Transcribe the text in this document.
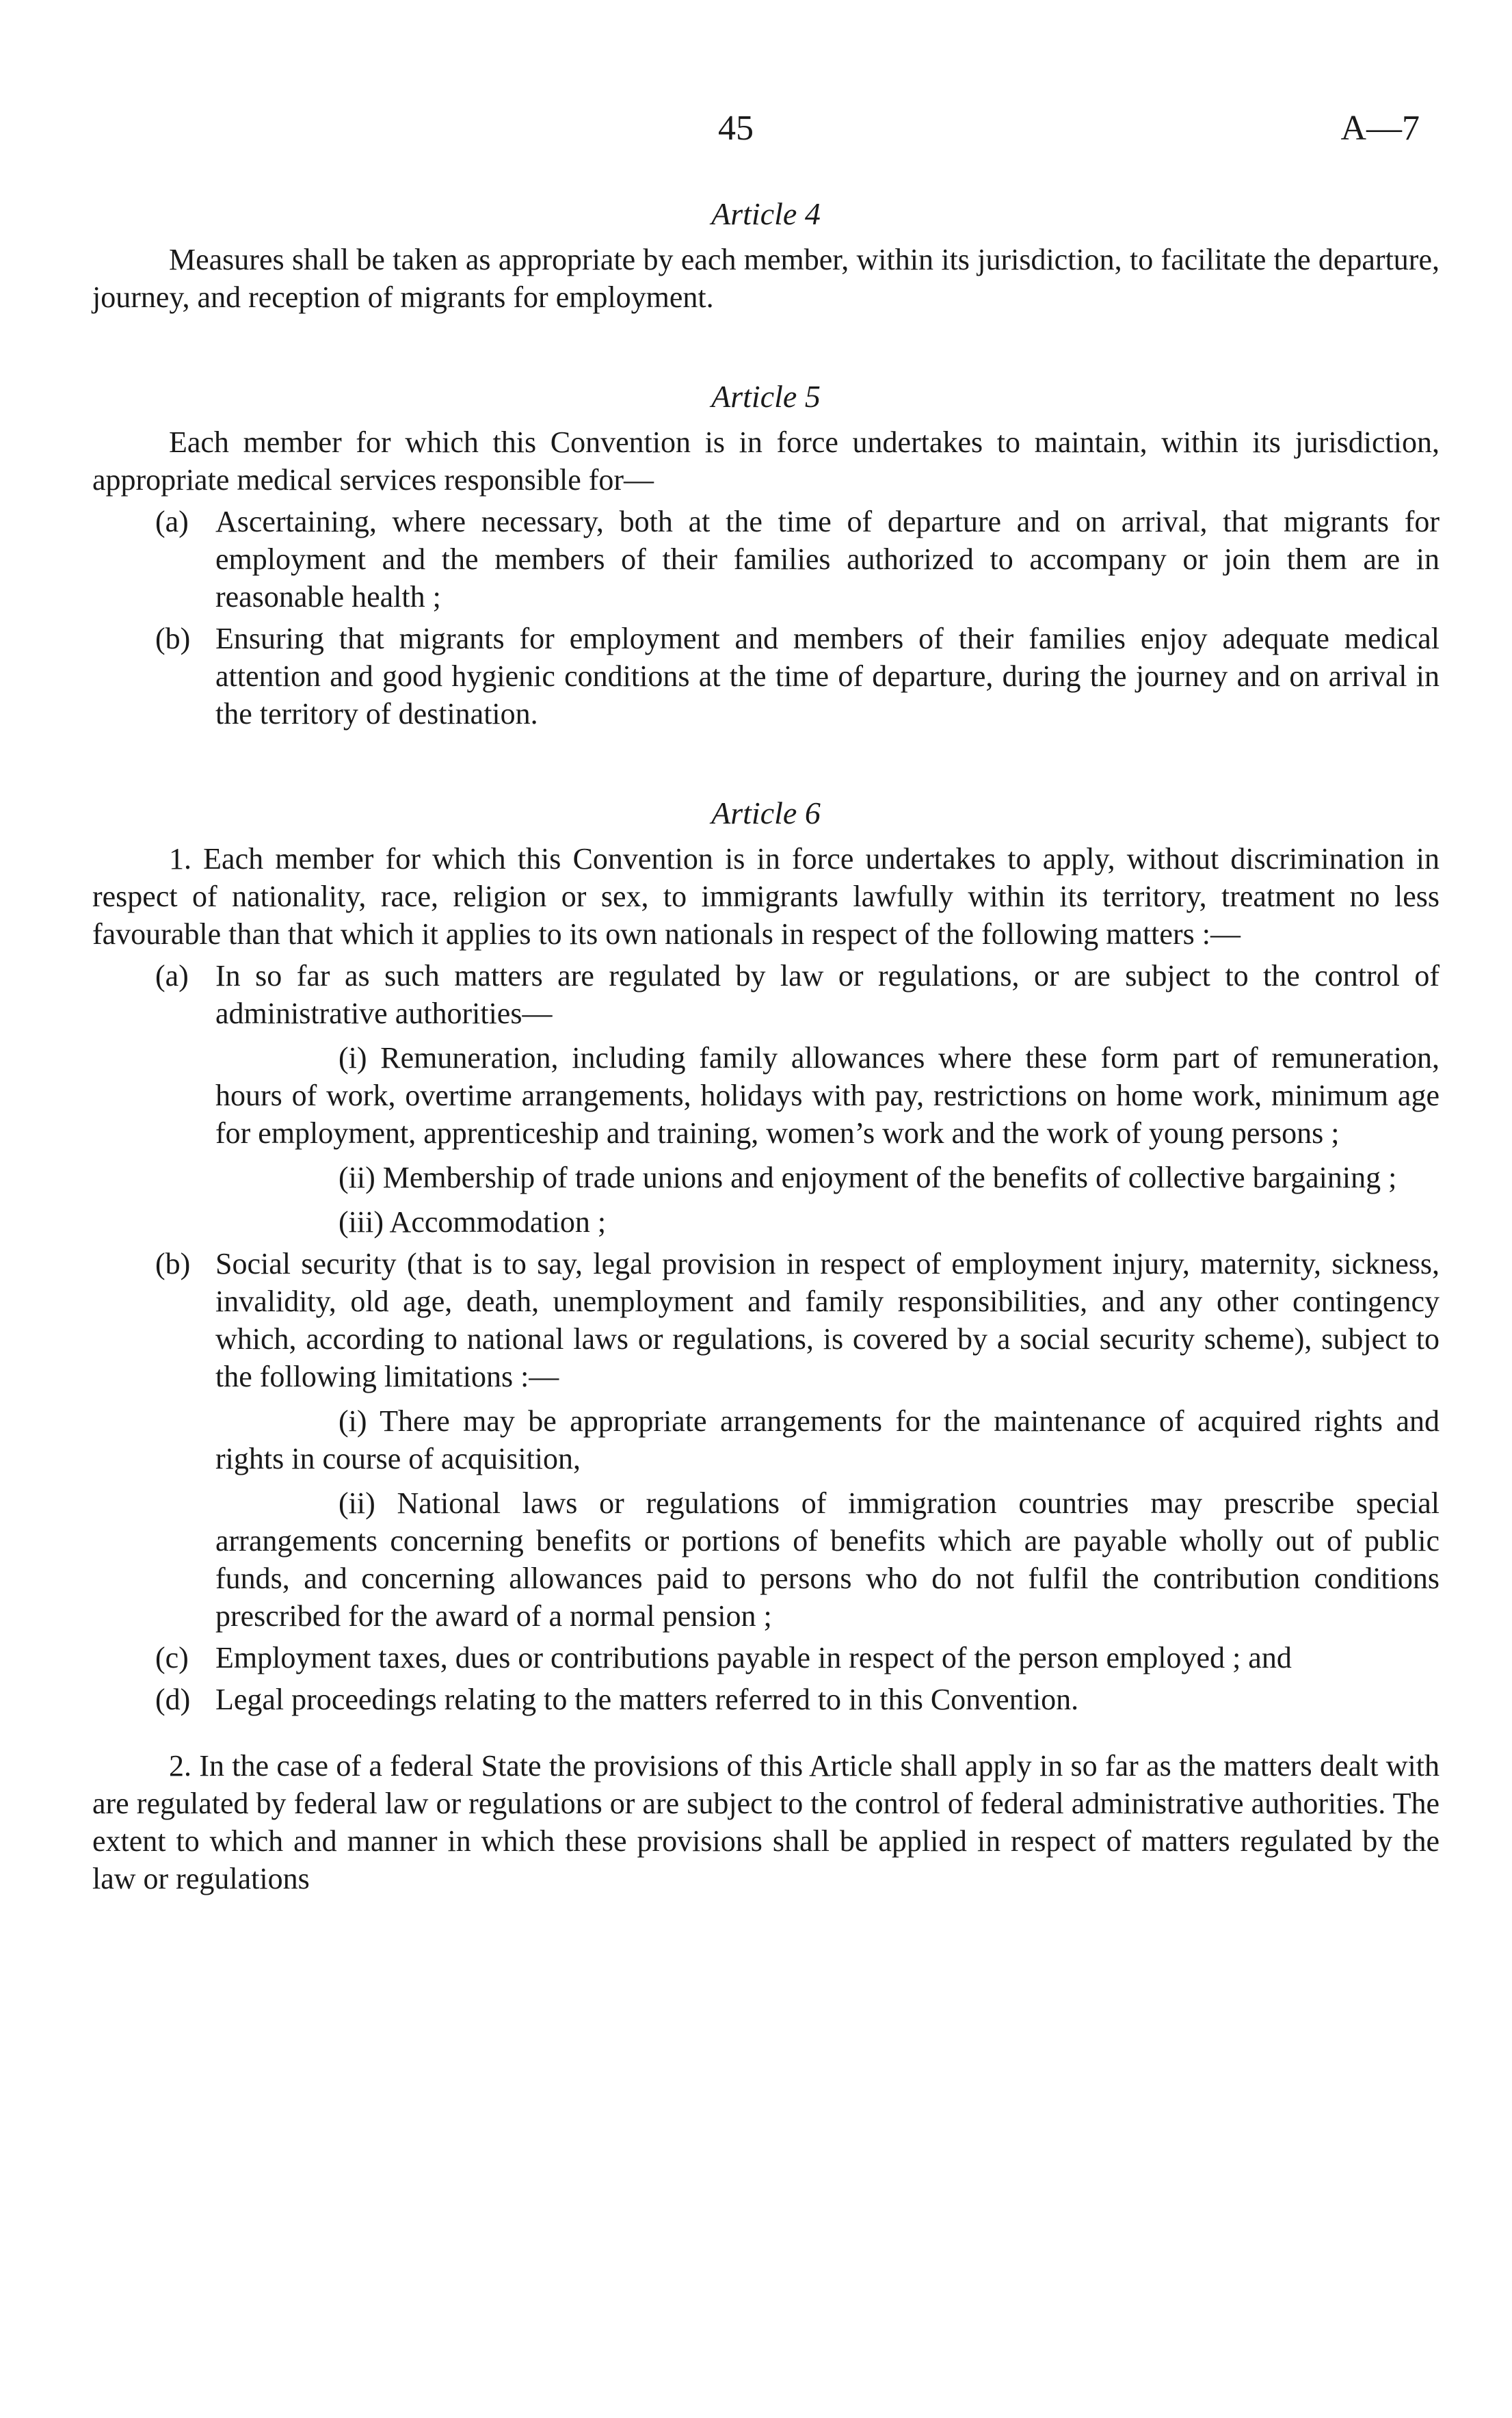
45	A—7

Article 4

Measures shall be taken as appropriate by each member, within its jurisdiction, to facilitate the departure, journey, and reception of migrants for employment.

Article 5

Each member for which this Convention is in force undertakes to maintain, within its jurisdiction, appropriate medical services responsible for—

(a) Ascertaining, where necessary, both at the time of departure and on arrival, that migrants for employment and the members of their families authorized to accompany or join them are in reasonable health ;
(b) Ensuring that migrants for employment and members of their families enjoy adequate medical attention and good hygienic conditions at the time of departure, during the journey and on arrival in the territory of destination.

Article 6

1. Each member for which this Convention is in force undertakes to apply, without discrimination in respect of nationality, race, religion or sex, to immigrants lawfully within its territory, treatment no less favourable than that which it applies to its own nationals in respect of the following matters :—

(a) In so far as such matters are regulated by law or regulations, or are subject to the control of administrative authorities—

(i) Remuneration, including family allowances where these form part of remuneration, hours of work, overtime arrangements, holidays with pay, restrictions on home work, minimum age for employment, apprenticeship and training, women’s work and the work of young persons ;

(ii) Membership of trade unions and enjoyment of the benefits of collective bargaining ;

(iii) Accommodation ;

(b) Social security (that is to say, legal provision in respect of employment injury, maternity, sickness, invalidity, old age, death, unemployment and family responsibilities, and any other contingency which, according to national laws or regulations, is covered by a social security scheme), subject to the following limitations :—

(i) There may be appropriate arrangements for the maintenance of acquired rights and rights in course of acquisition,

(ii) National laws or regulations of immigration countries may prescribe special arrangements concerning benefits or portions of benefits which are payable wholly out of public funds, and concerning allowances paid to persons who do not fulfil the contribution conditions prescribed for the award of a normal pension ;

(c) Employment taxes, dues or contributions payable in respect of the person employed ; and
(d) Legal proceedings relating to the matters referred to in this Convention.

2. In the case of a federal State the provisions of this Article shall apply in so far as the matters dealt with are regulated by federal law or regulations or are subject to the control of federal administrative authorities. The extent to which and manner in which these provisions shall be applied in respect of matters regulated by the law or regulations
